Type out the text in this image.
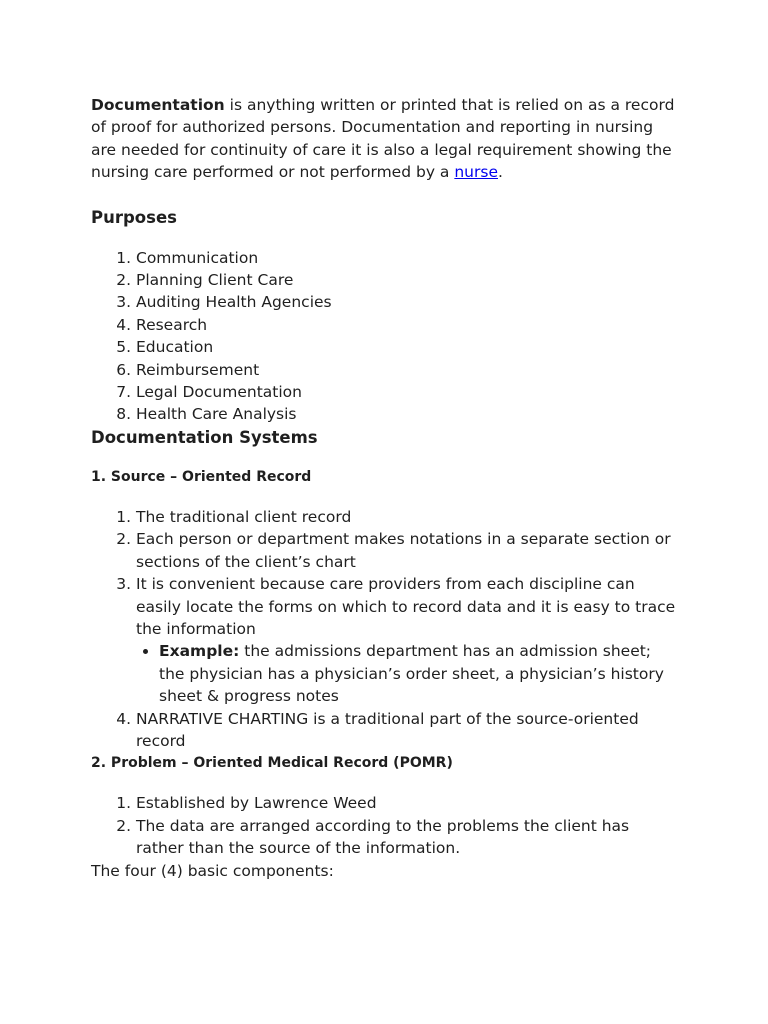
Documentation is anything written or printed that is relied on as a record of proof for authorized persons. Documentation and reporting in nursing are needed for continuity of care it is also a legal requirement showing the nursing care performed or not performed by a nurse.

Purposes
1. Communication
2. Planning Client Care
3. Auditing Health Agencies
4. Research
5. Education
6. Reimbursement
7. Legal Documentation
8. Health Care Analysis
Documentation Systems
1. Source – Oriented Record
1. The traditional client record
2. Each person or department makes notations in a separate section or sections of the client’s chart
3. It is convenient because care providers from each discipline can easily locate the forms on which to record data and it is easy to trace the information
• Example: the admissions department has an admission sheet; the physician has a physician’s order sheet, a physician’s history sheet & progress notes
4. NARRATIVE CHARTING is a traditional part of the source-oriented record
2. Problem – Oriented Medical Record (POMR)
1. Established by Lawrence Weed
2. The data are arranged according to the problems the client has rather than the source of the information.

The four (4) basic components:
